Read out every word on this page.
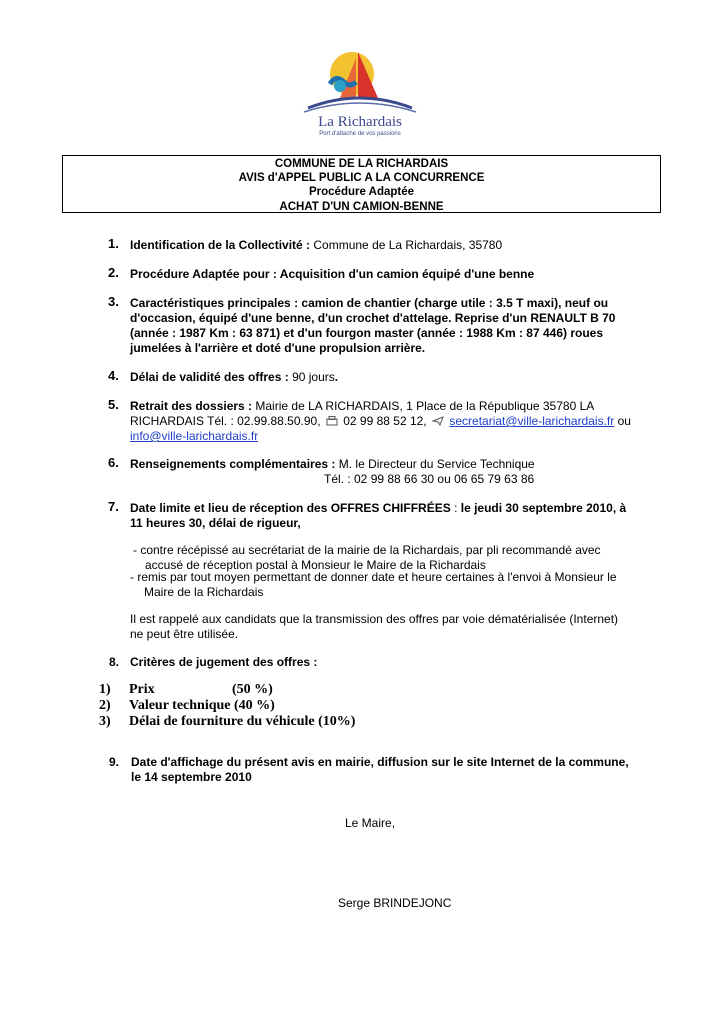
La Richardais
Port d'attache de vos passions
COMMUNE DE LA RICHARDAIS
AVIS d'APPEL PUBLIC A LA CONCURRENCE
Procédure Adaptée
ACHAT D'UN CAMION-BENNE
1. Identification de la Collectivité : Commune de La Richardais, 35780
2. Procédure Adaptée pour : Acquisition d'un camion équipé d'une benne
3. Caractéristiques principales : camion de chantier (charge utile : 3.5 T maxi), neuf ou
d'occasion, équipé d'une benne, d'un crochet d'attelage. Reprise d'un RENAULT B 70
(année : 1987 Km : 63 871) et d'un fourgon master (année : 1988 Km : 87 446) roues
jumelées à l'arrière et doté d'une propulsion arrière.
4. Délai de validité des offres : 90 jours.
5. Retrait des dossiers : Mairie de LA RICHARDAIS, 1 Place de la République 35780 LA
RICHARDAIS Tél. : 02.99.88.50.90, 02 99 88 52 12, secretariat@ville-larichardais.fr ou
info@ville-larichardais.fr
6. Renseignements complémentaires : M. le Directeur du Service Technique
Tél. : 02 99 88 66 30 ou 06 65 79 63 86
7. Date limite et lieu de réception des OFFRES CHIFFRÉES : le jeudi 30 septembre 2010, à
11 heures 30, délai de rigueur,
- contre récépissé au secrétariat de la mairie de la Richardais, par pli recommandé avec
accusé de réception postal à Monsieur le Maire de la Richardais
- remis par tout moyen permettant de donner date et heure certaines à l'envoi à Monsieur le
Maire de la Richardais
Il est rappelé aux candidats que la transmission des offres par voie dématérialisée (Internet)
ne peut être utilisée.
8. Critères de jugement des offres :
1) Prix	(50 %)
2) Valeur technique (40 %)
3) Délai de fourniture du véhicule (10%)
9. Date d'affichage du présent avis en mairie, diffusion sur le site Internet de la commune,
le 14 septembre 2010
Le Maire,
Serge BRINDEJONC
